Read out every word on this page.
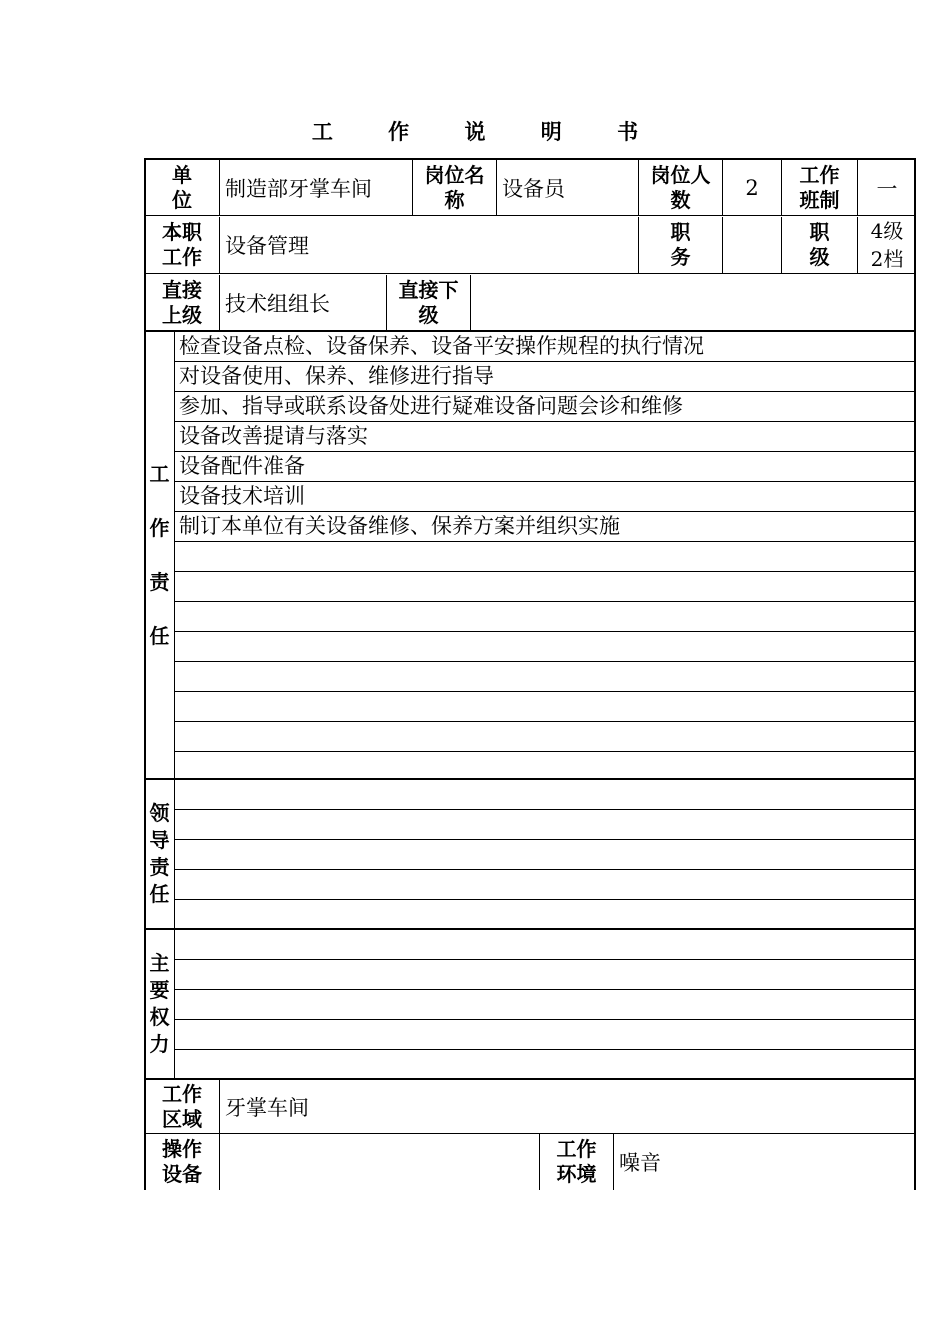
工 作 说 明 书
单
位 制造部牙掌车间
岗位名
称	设备员
岗位人
数	2
工作
班制 一
本职
工作 设备管理
职
务
职
级
4级
2档
直接
上级 技术组组长
直接下
级
工

作

责

任
检查设备点检、设备保养、设备平安操作规程的执行情况
对设备使用、保养、维修进行指导
参加、指导或联系设备处进行疑难设备问题会诊和维修
设备改善提请与落实
设备配件准备
设备技术培训
制订本单位有关设备维修、保养方案并组织实施
领
导
责
任
主
要
权
力
工作
区域 牙掌车间
操作
设备
工作
环境 噪音
